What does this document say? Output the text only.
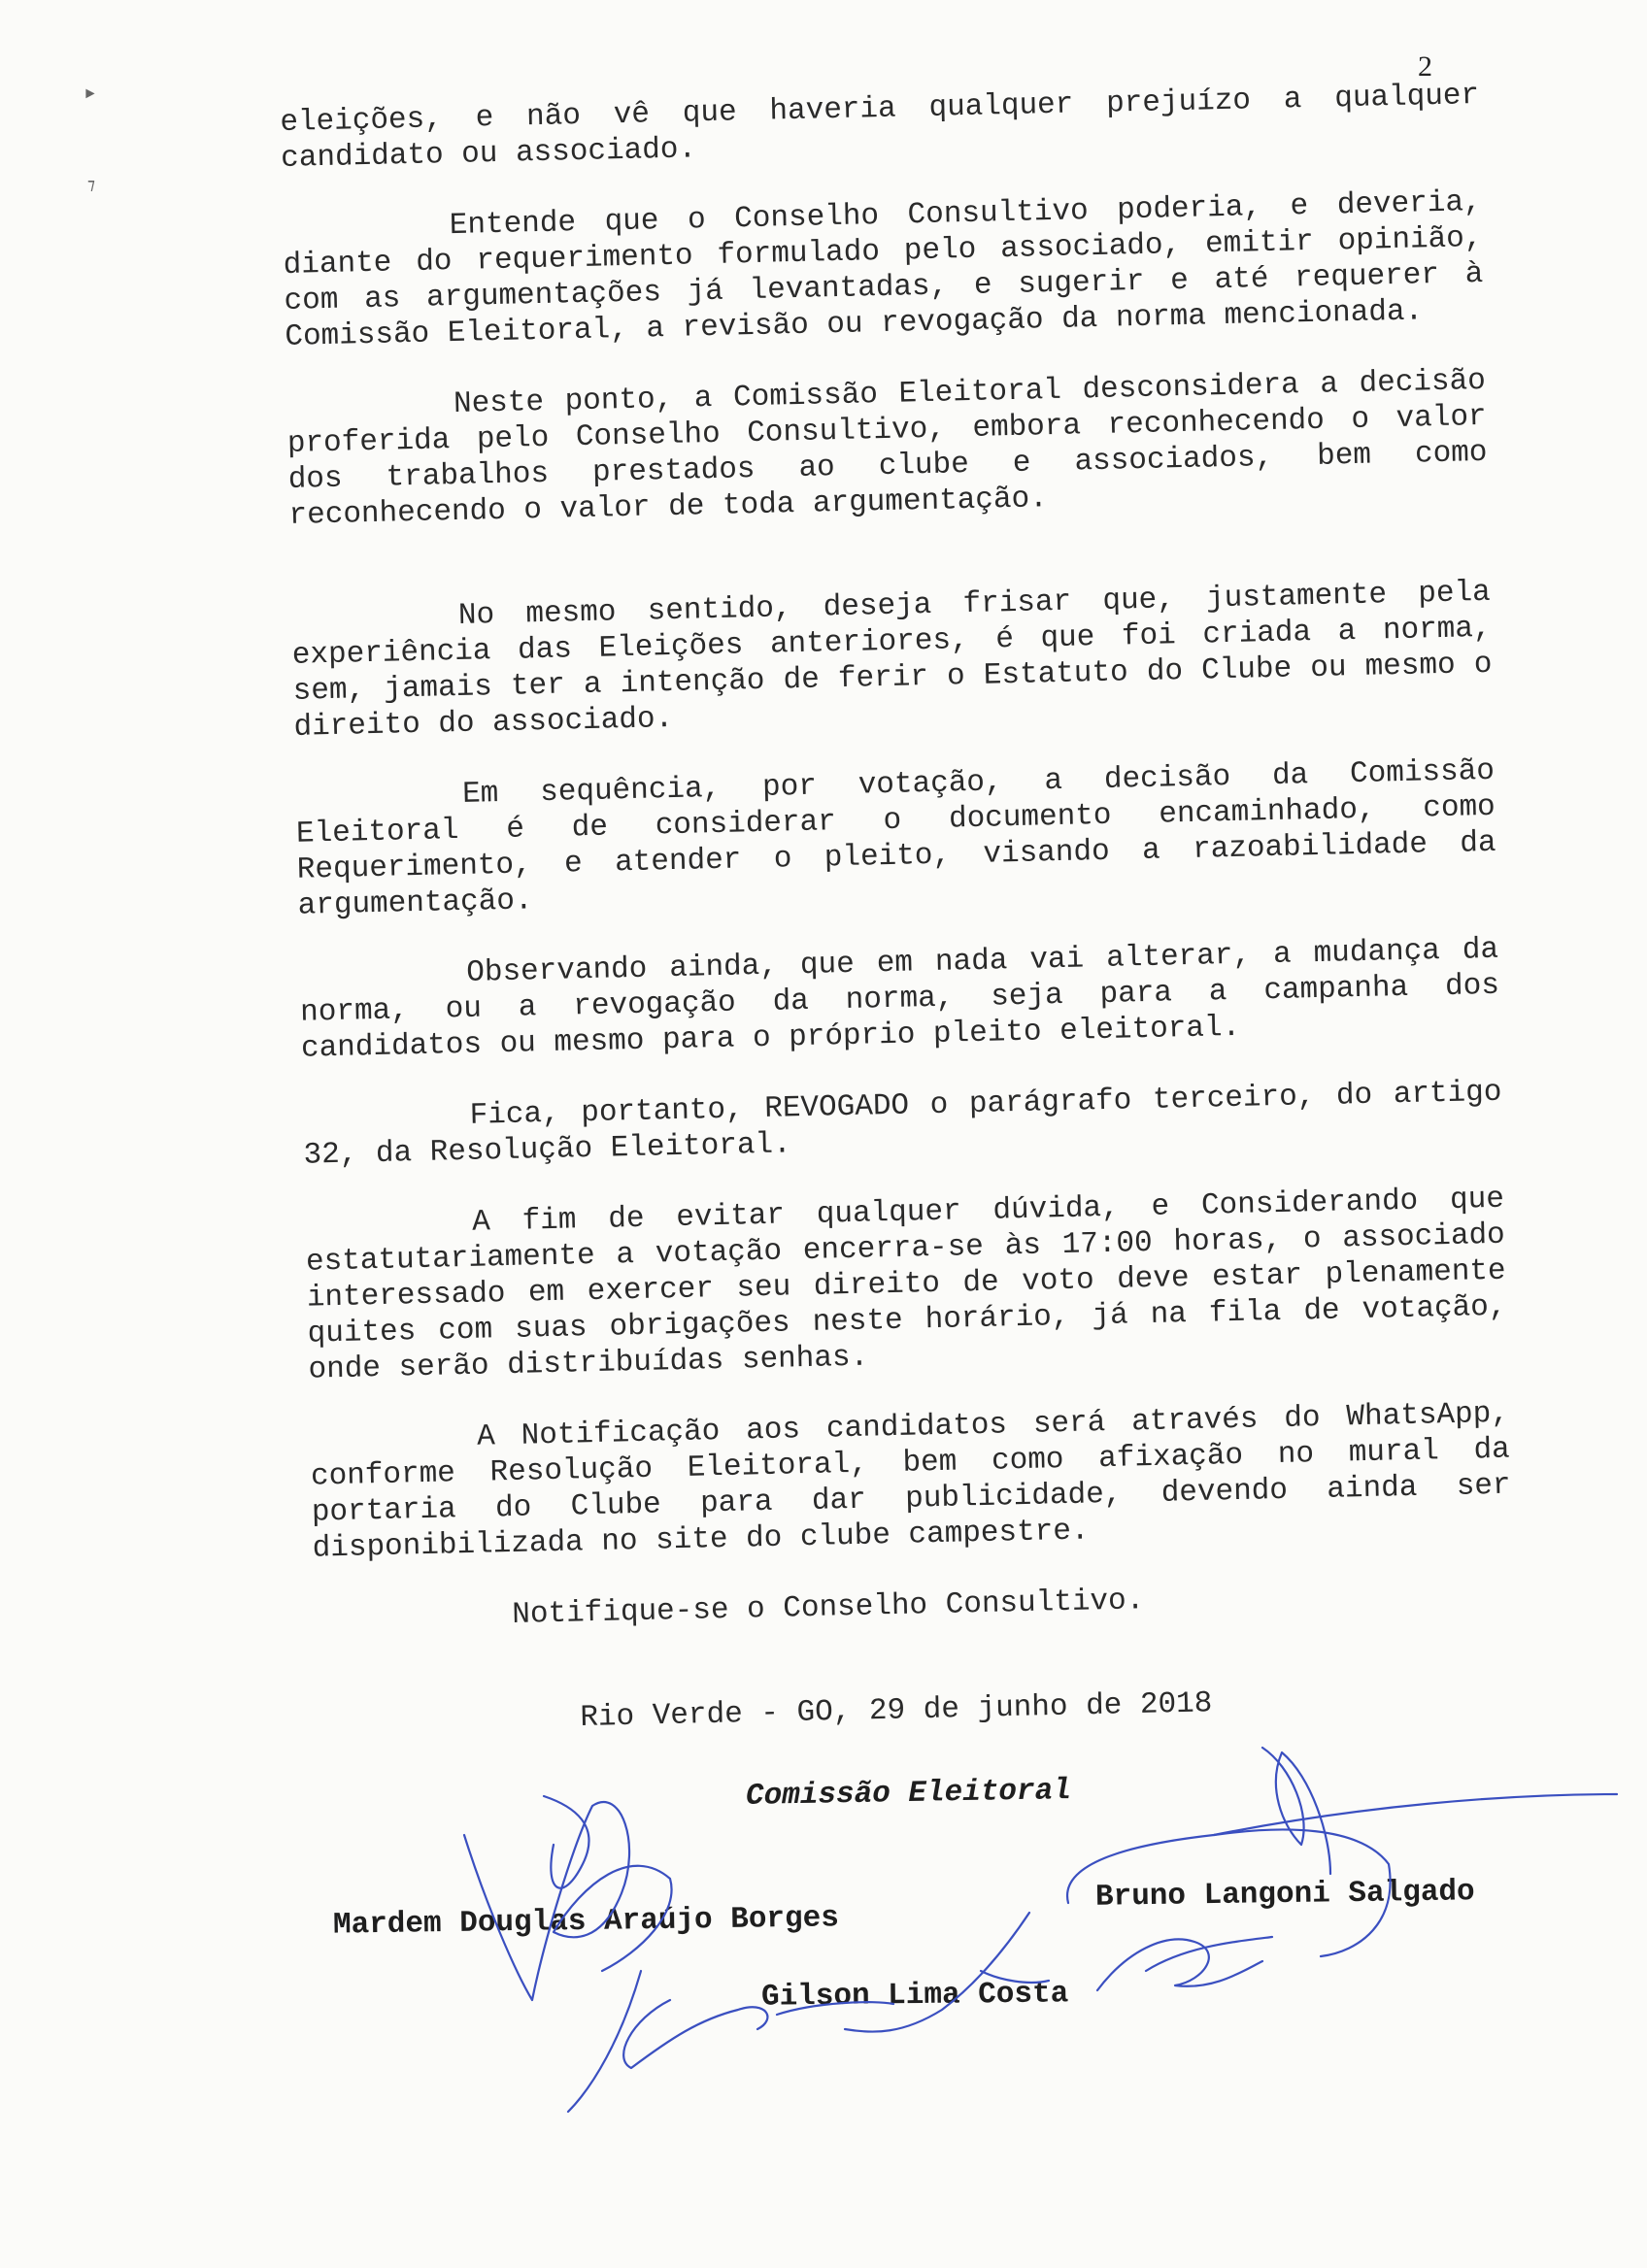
►
⁊
2

eleições, e não vê que haveria qualquer prejuízo a qualquer candidato ou associado.

Entende que o Conselho Consultivo poderia, e deveria, diante do requerimento formulado pelo associado, emitir opinião, com as argumentações já levantadas, e sugerir e até requerer à Comissão Eleitoral, a revisão ou revogação da norma mencionada.

Neste ponto, a Comissão Eleitoral desconsidera a decisão proferida pelo Conselho Consultivo, embora reconhecendo o valor dos trabalhos prestados ao clube e associados, bem como reconhecendo o valor de toda argumentação.

No mesmo sentido, deseja frisar que, justamente pela experiência das Eleições anteriores, é que foi criada a norma, sem, jamais ter a intenção de ferir o Estatuto do Clube ou mesmo o direito do associado.

Em sequência, por votação, a decisão da Comissão Eleitoral é de considerar o documento encaminhado, como Requerimento, e atender o pleito, visando a razoabilidade da argumentação.

Observando ainda, que em nada vai alterar, a mudança da norma, ou a revogação da norma, seja para a campanha dos candidatos ou mesmo para o próprio pleito eleitoral.

Fica, portanto, REVOGADO o parágrafo terceiro, do artigo 32, da Resolução Eleitoral.

A fim de evitar qualquer dúvida, e Considerando que estatutariamente a votação encerra-se às 17:00 horas, o associado interessado em exercer seu direito de voto deve estar plenamente quites com suas obrigações neste horário, já na fila de votação, onde serão distribuídas senhas.

A Notificação aos candidatos será através do WhatsApp, conforme Resolução Eleitoral, bem como afixação no mural da portaria do Clube para dar publicidade, devendo ainda ser disponibilizada no site do clube campestre.

Notifique-se o Conselho Consultivo.

Rio Verde - GO, 29 de junho de 2018
Comissão Eleitoral
Mardem Douglas Araújo Borges
Bruno Langoni Salgado
Gilson Lima Costa
